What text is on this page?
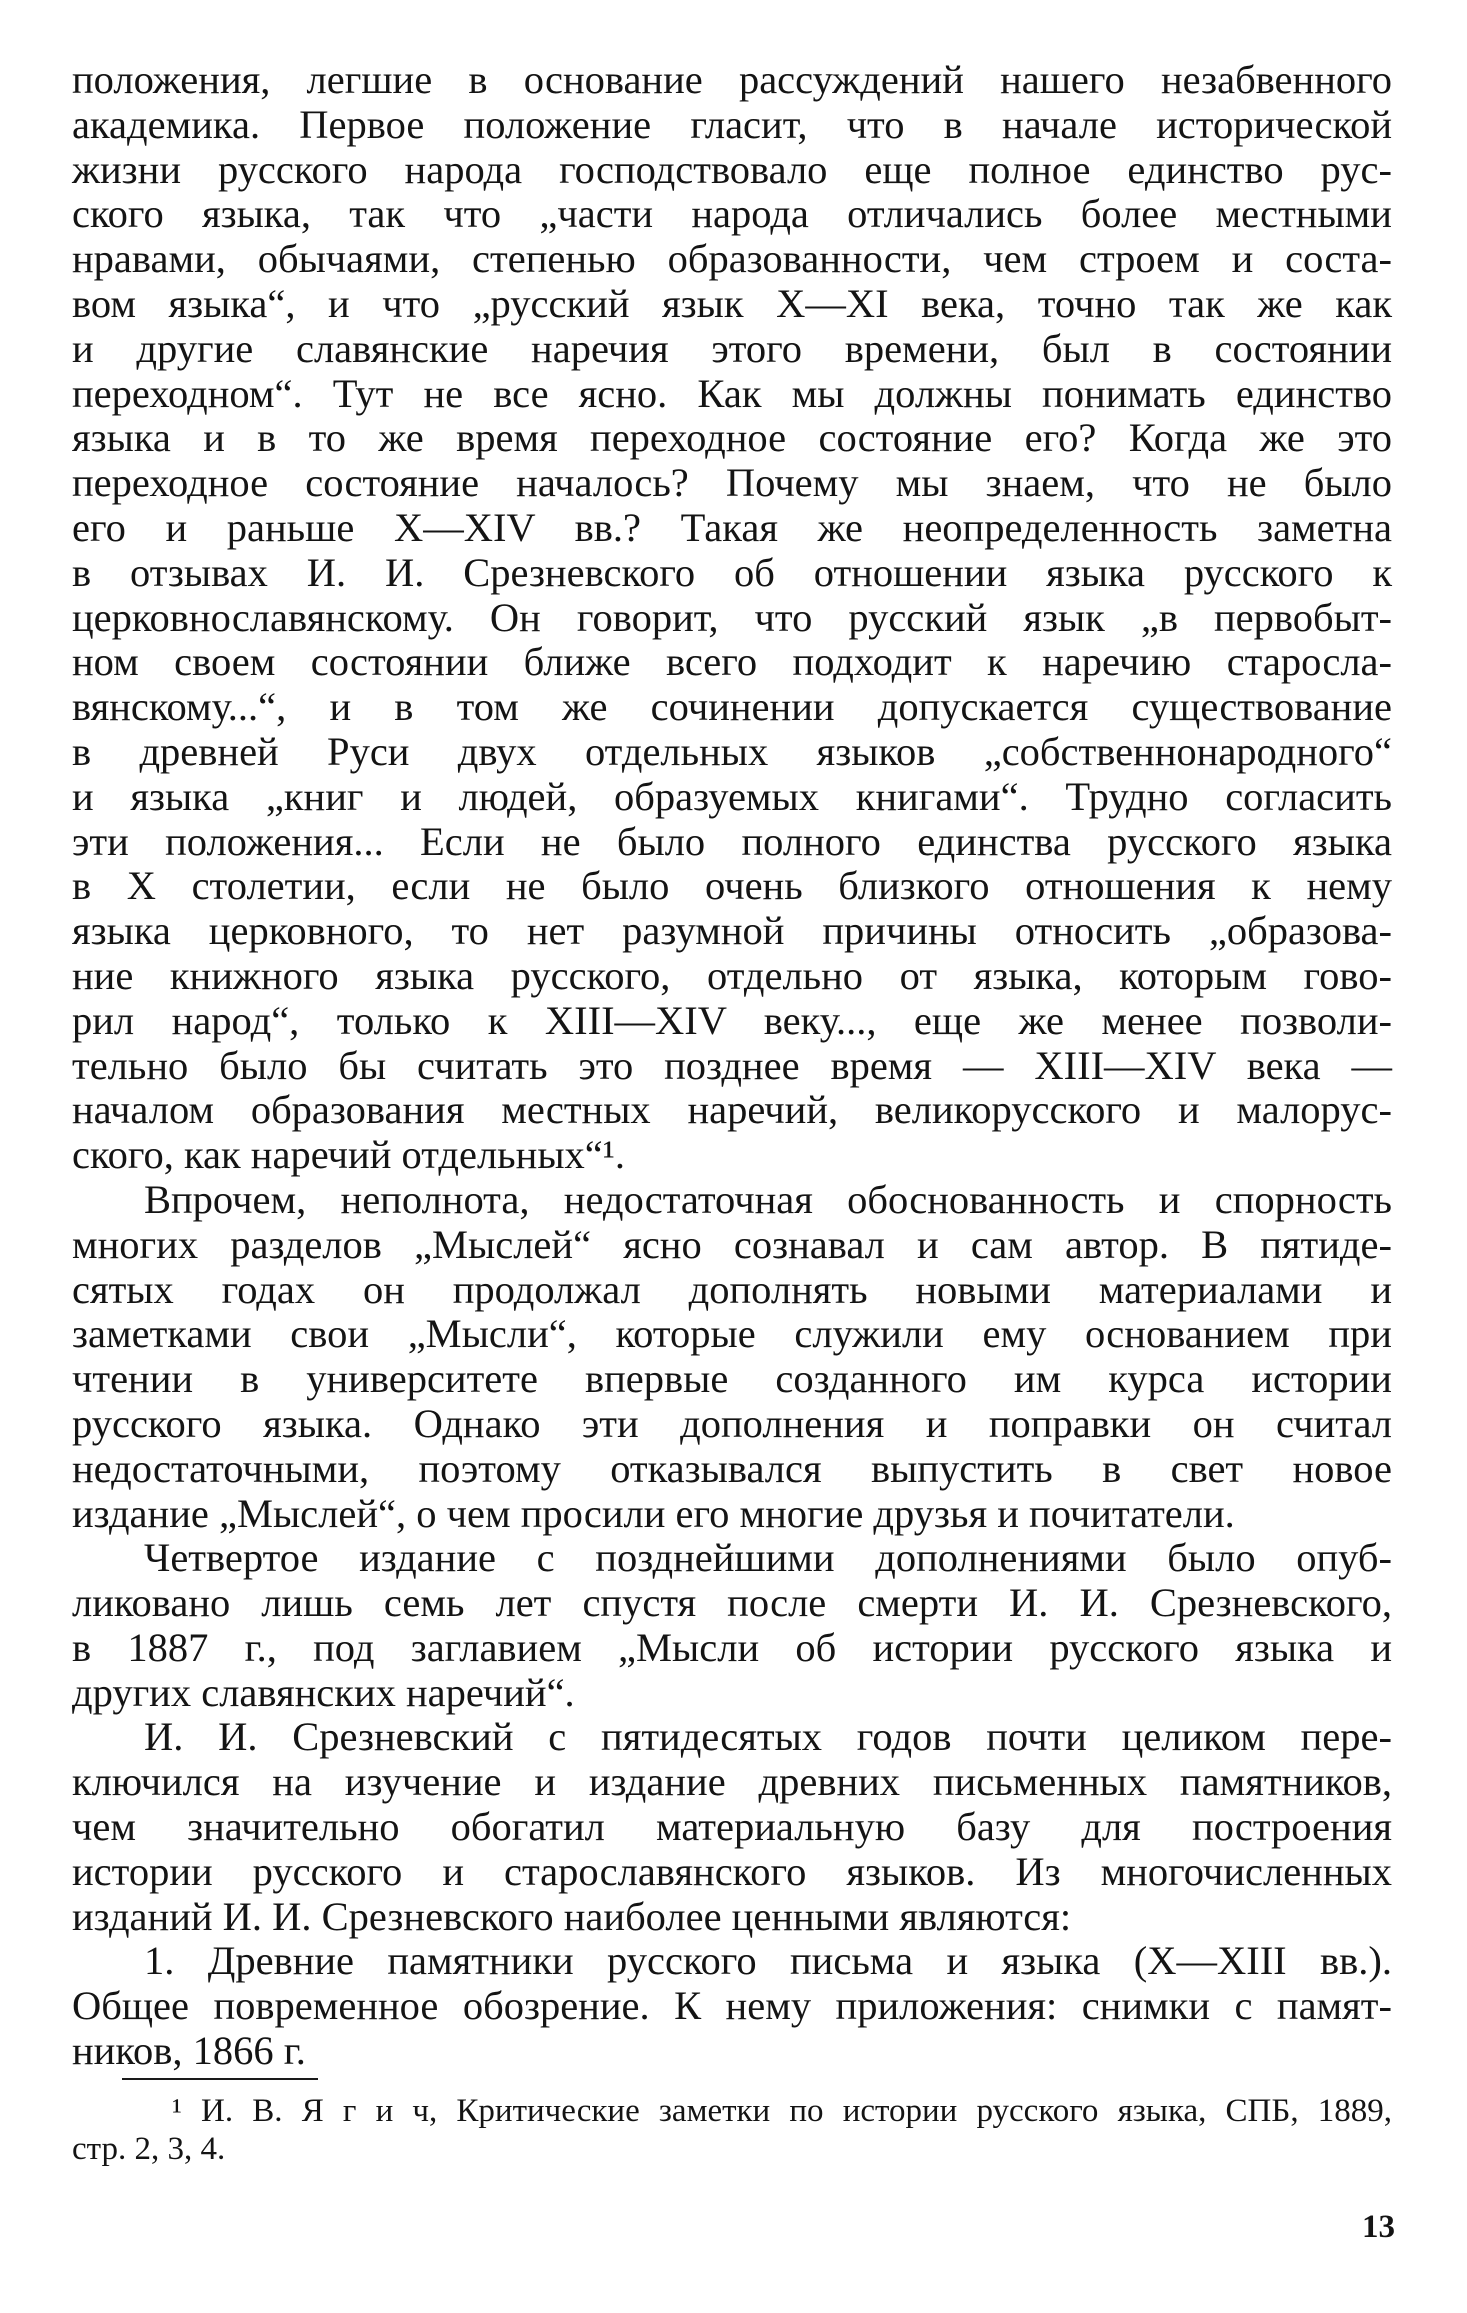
положения, легшие в основание рассуждений нашего незабвенного
академика. Первое положение гласит, что в начале исторической
жизни русского народа господствовало еще полное единство рус-
ского языка, так что „части народа отличались более местными
нравами, обычаями, степенью образованности, чем строем и соста-
вом языка“, и что „русский язык X—XI века, точно так же как
и другие славянские наречия этого времени, был в состоянии
переходном“. Тут не все ясно. Как мы должны понимать единство
языка и в то же время переходное состояние его? Когда же это
переходное состояние началось? Почему мы знаем, что не было
его и раньше X—XIV вв.? Такая же неопределенность заметна
в отзывах И. И. Срезневского об отношении языка русского к
церковнославянскому. Он говорит, что русский язык „в первобыт-
ном своем состоянии ближе всего подходит к наречию старосла-
вянскому...“, и в том же сочинении допускается существование
в древней Руси двух отдельных языков „собственнонародного“
и языка „книг и людей, образуемых книгами“. Трудно согласить
эти положения... Если не было полного единства русского языка
в X столетии, если не было очень близкого отношения к нему
языка церковного, то нет разумной причины относить „образова-
ние книжного языка русского, отдельно от языка, которым гово-
рил народ“, только к XIII—XIV веку..., еще же менее позволи-
тельно было бы считать это позднее время — XIII—XIV века —
началом образования местных наречий, великорусского и малорус-
ского, как наречий отдельных“¹.
Впрочем, неполнота, недостаточная обоснованность и спорность
многих разделов „Мыслей“ ясно сознавал и сам автор. В пятиде-
сятых годах он продолжал дополнять новыми материалами и
заметками свои „Мысли“, которые служили ему основанием при
чтении в университете впервые созданного им курса истории
русского языка. Однако эти дополнения и поправки он считал
недостаточными, поэтому отказывался выпустить в свет новое
издание „Мыслей“, о чем просили его многие друзья и почитатели.
Четвертое издание с позднейшими дополнениями было опуб-
ликовано лишь семь лет спустя после смерти И. И. Срезневского,
в 1887 г., под заглавием „Мысли об истории русского языка и
других славянских наречий“.
И. И. Срезневский с пятидесятых годов почти целиком пере-
ключился на изучение и издание древних письменных памятников,
чем значительно обогатил материальную базу для построения
истории русского и старославянского языков. Из многочисленных
изданий И. И. Срезневского наиболее ценными являются:
1. Древние памятники русского письма и языка (X—XIII вв.).
Общее повременное обозрение. К нему приложения: снимки с памят-
ников, 1866 г.
¹ И. В. Я г и ч, Критические заметки по истории русского языка, СПБ, 1889,
стр. 2, 3, 4.
13
